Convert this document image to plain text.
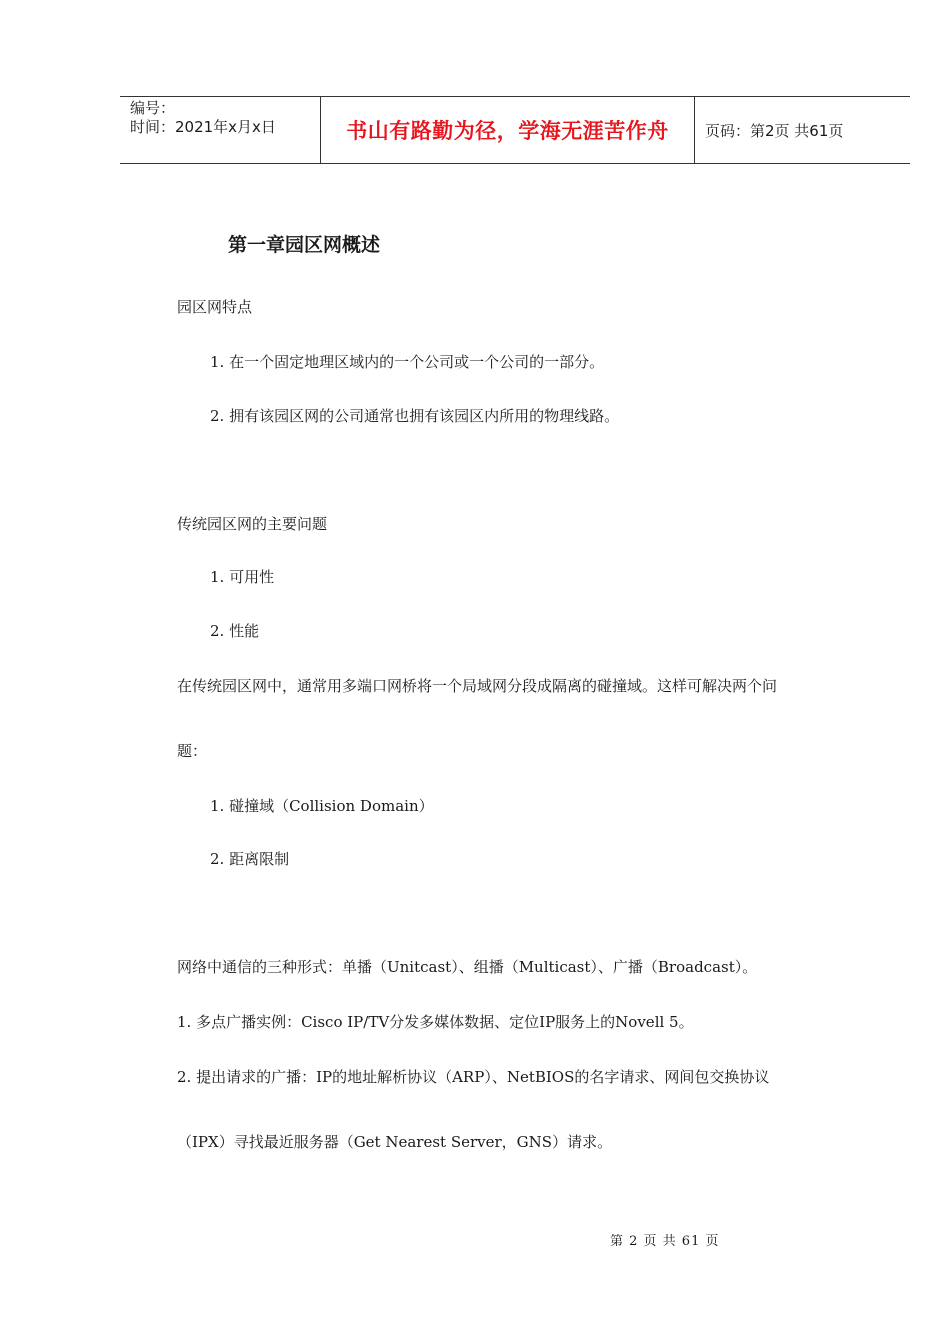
编号：
时间：2021年x月x日	书山有路勤为径，学海无涯苦作舟	页码：第2页 共61页
第一章园区网概述
园区网特点
1. 在一个固定地理区域内的一个公司或一个公司的一部分。
2. 拥有该园区网的公司通常也拥有该园区内所用的物理线路。
传统园区网的主要问题
1. 可用性
2. 性能
在传统园区网中，通常用多端口网桥将一个局域网分段成隔离的碰撞域。这样可解决两个问
题：
1. 碰撞域（Collision Domain）
2. 距离限制
网络中通信的三种形式：单播（Unitcast）、组播（Multicast）、广播（Broadcast）。
1. 多点广播实例：Cisco IP/TV分发多媒体数据、定位IP服务上的Novell 5。
2. 提出请求的广播：IP的地址解析协议（ARP）、NetBIOS的名字请求、网间包交换协议
（IPX）寻找最近服务器（Get Nearest Server，GNS）请求。
第 2 页 共 61 页
